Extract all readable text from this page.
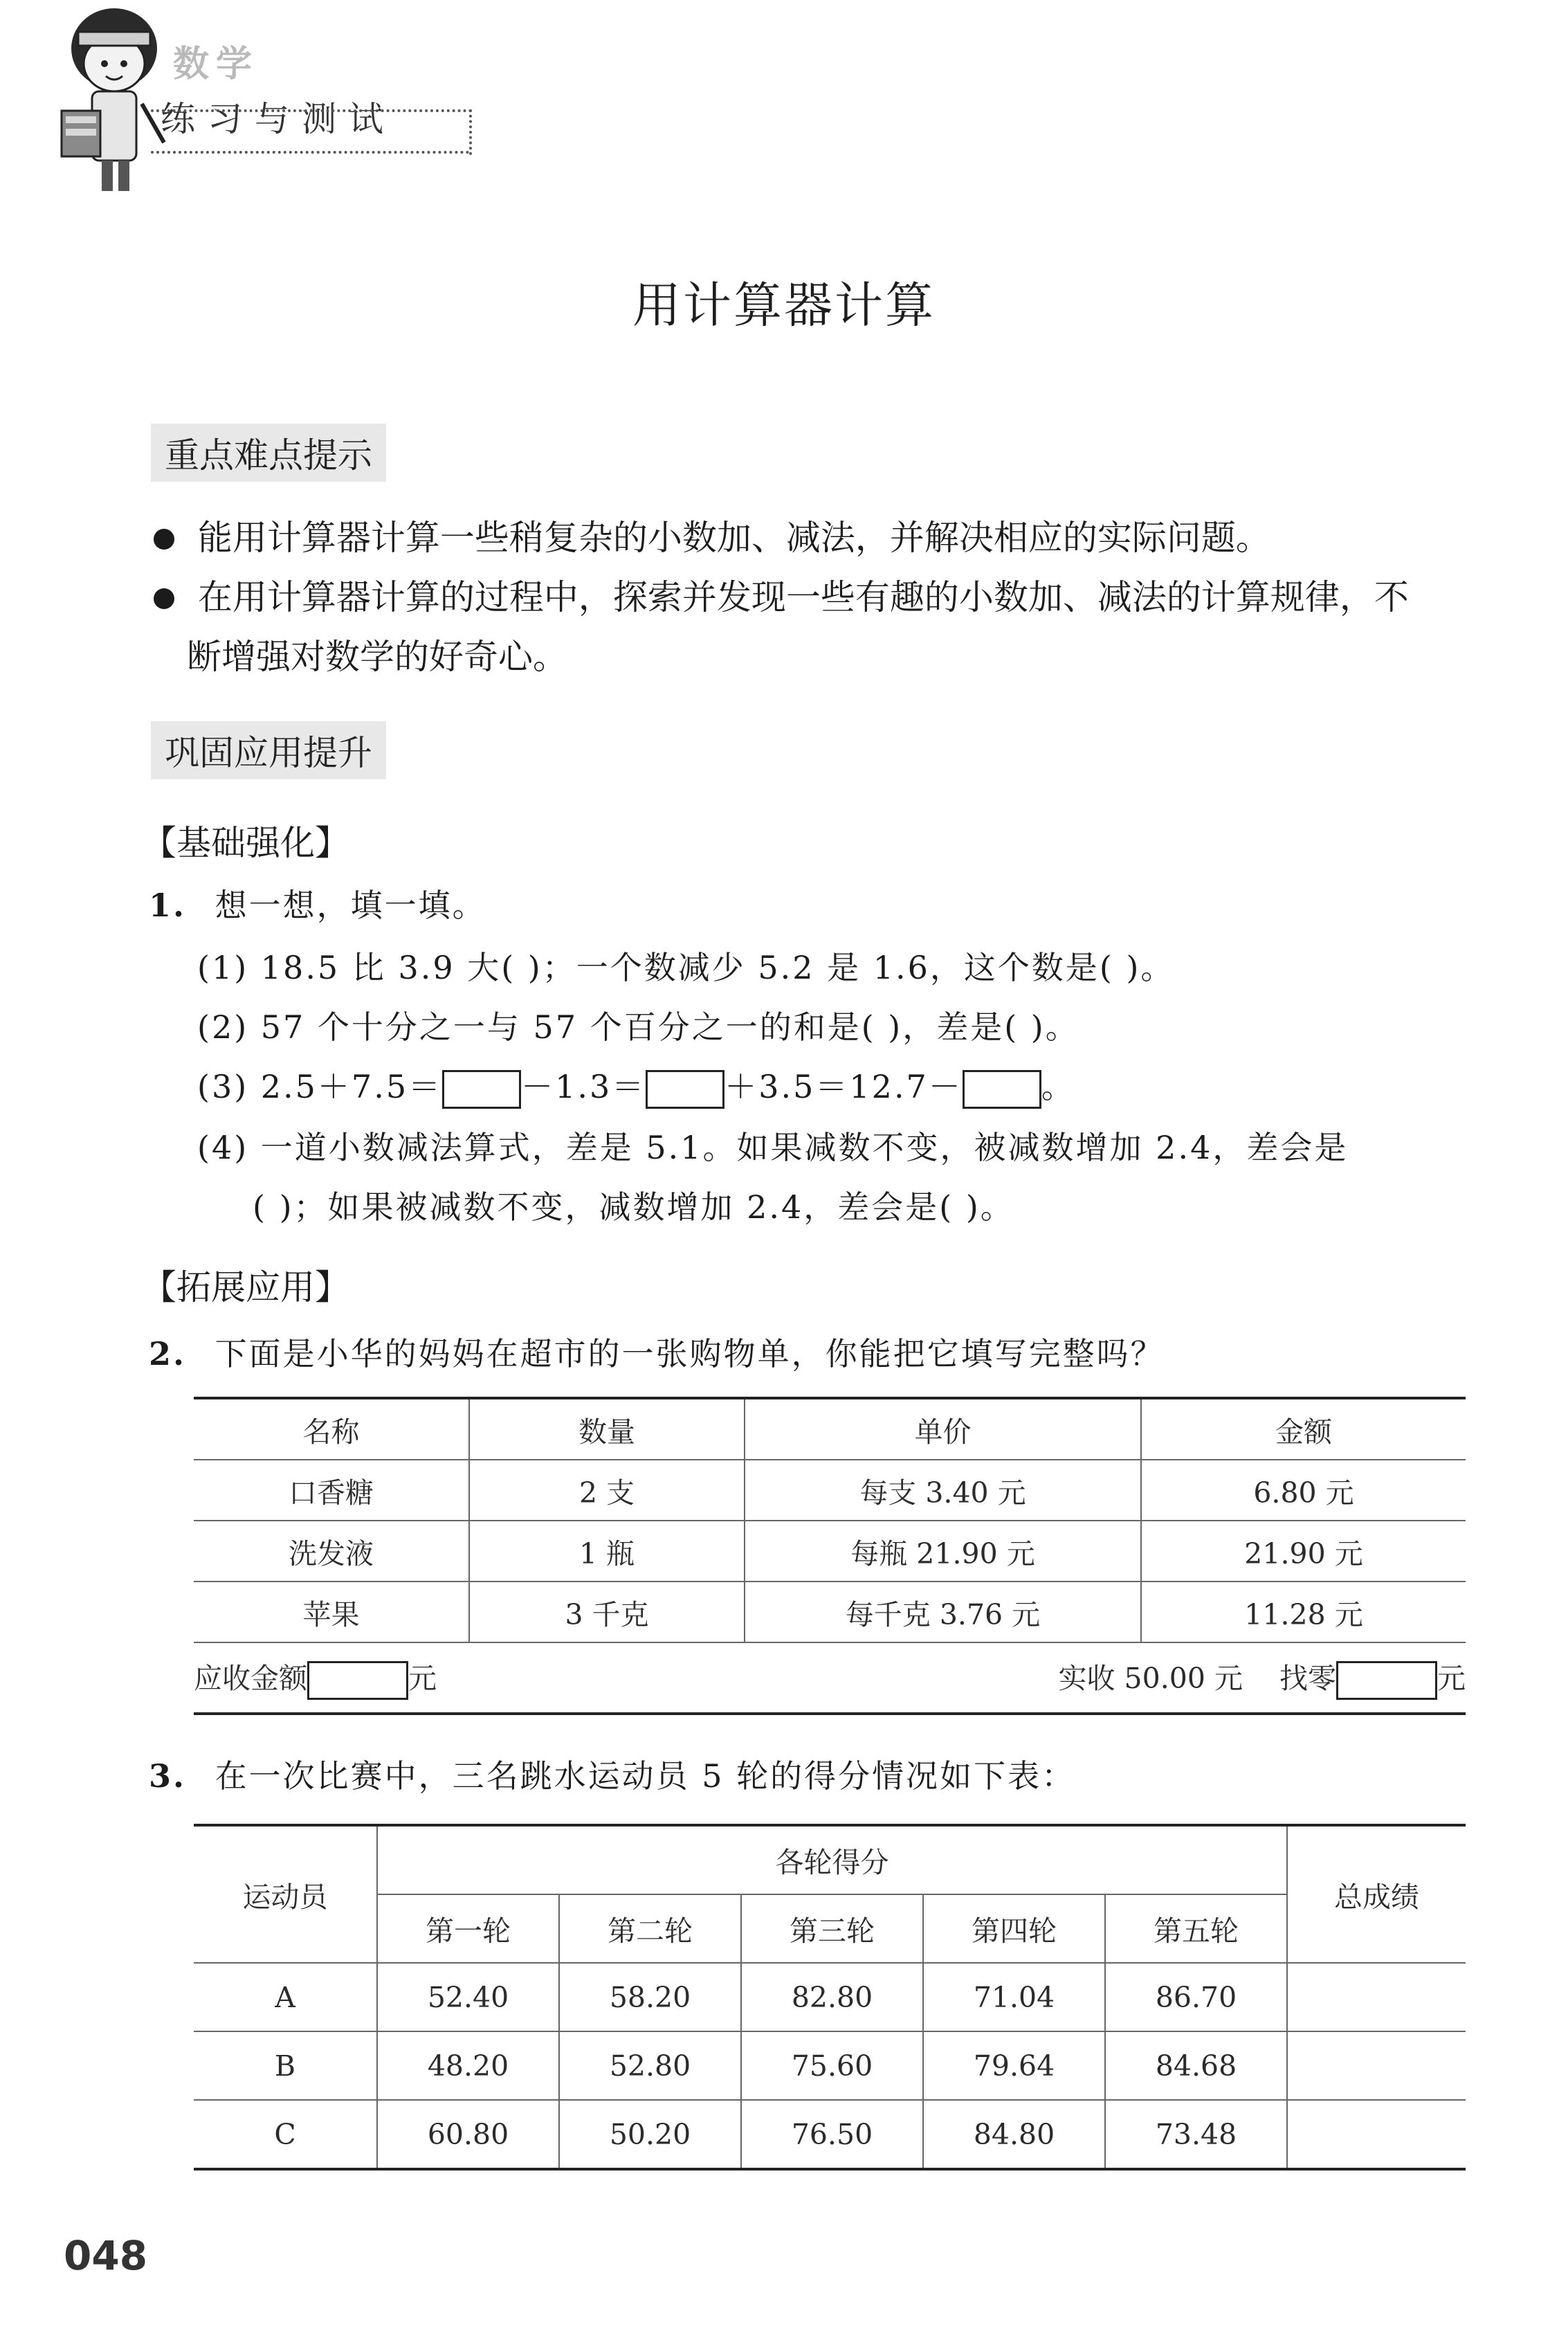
数学
练习与测试
用计算器计算
重点难点提示
能用计算器计算一些稍复杂的小数加、减法，并解决相应的实际问题。
在用计算器计算的过程中，探索并发现一些有趣的小数加、减法的计算规律，不
断增强对数学的好奇心。
巩固应用提升
【基础强化】
1. 想一想，填一填。
(1) 18.5 比 3.9 大( )；一个数减少 5.2 是 1.6，这个数是( )。
(2) 57 个十分之一与 57 个百分之一的和是( )，差是( )。
(3) 2.5＋7.5＝ －1.3＝ ＋3.5＝12.7－ 。
(4) 一道小数减法算式，差是 5.1。如果减数不变，被减数增加 2.4，差会是
( )；如果被减数不变，减数增加 2.4，差会是( )。
【拓展应用】
2. 下面是小华的妈妈在超市的一张购物单，你能把它填写完整吗？
名称	数量	单价	金额
口香糖	2 支	每支 3.40 元	6.80 元
洗发液	1 瓶	每瓶 21.90 元	21.90 元
苹果	3 千克	每千克 3.76 元	11.28 元

应收金额 元 实收 50.00 元 找零 元			
3. 在一次比赛中，三名跳水运动员 5 轮的得分情况如下表：
运动员	各轮得分					总成绩
	第一轮	第二轮	第三轮	第四轮	第五轮	
A	52.40	58.20	82.80	71.04	86.70	
B	48.20	52.80	75.60	79.64	84.68	
C	60.80	50.20	76.50	84.80	73.48	
048
